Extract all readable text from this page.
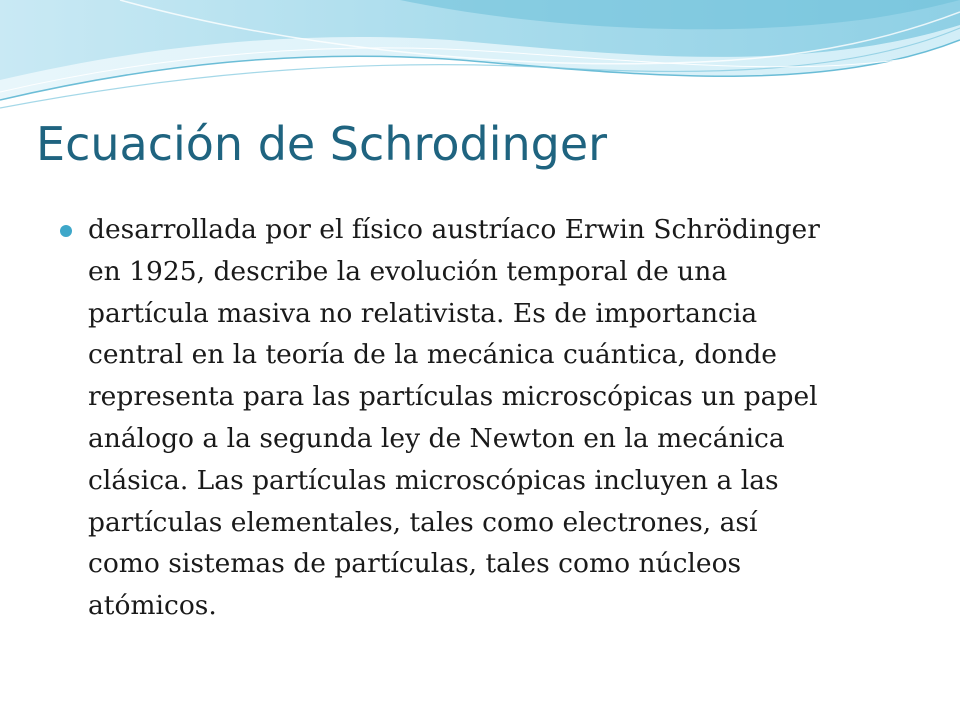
Ecuación de Schrodinger

desarrollada por el físico austríaco Erwin Schrödinger
en 1925, describe la evolución temporal de una
partícula masiva no relativista. Es de importancia
central en la teoría de la mecánica cuántica, donde
representa para las partículas microscópicas un papel
análogo a la segunda ley de Newton en la mecánica
clásica. Las partículas microscópicas incluyen a las
partículas elementales, tales como electrones, así
como sistemas de partículas, tales como núcleos
atómicos.
